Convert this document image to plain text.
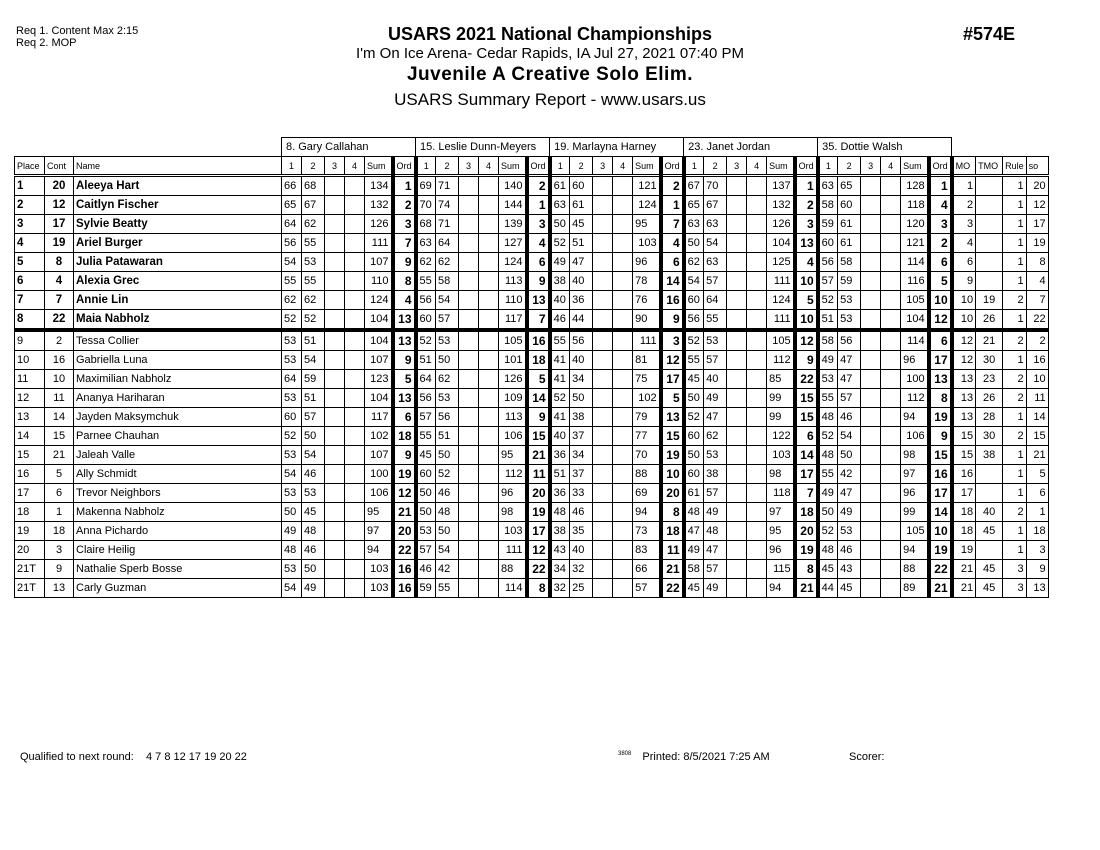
Req 1. Content Max 2:15
Req 2. MOP	USARS 2021 National Championships
I'm On Ice Arena- Cedar Rapids, IA Jul 27, 2021 07:40 PM
Juvenile A Creative Solo Elim.
USARS Summary Report - www.usars.us
#574E
			8. Gary Callahan						15. Leslie Dunn-Meyers						19. Marlayna Harney						23. Janet Jordan						35. Dottie Walsh									
Place	Cont	Name	1	2	3	4	Sum	Ord	1	2	3	4	Sum	Ord	1	2	3	4	Sum	Ord	1	2	3	4	Sum	Ord	1	2	3	4	Sum	Ord	MO	TMO	Rule	so
1	20	Aleeya Hart	66	68			134	1	69	71			140	2	61	60			121	2	67	70			137	1	63	65			128	1	1		1	20
2	12	Caitlyn Fischer	65	67			132	2	70	74			144	1	63	61			124	1	65	67			132	2	58	60			118	4	2		1	12
3	17	Sylvie Beatty	64	62			126	3	68	71			139	3	50	45			95	7	63	63			126	3	59	61			120	3	3		1	17
4	19	Ariel Burger	56	55			111	7	63	64			127	4	52	51			103	4	50	54			104	13	60	61			121	2	4		1	19
5	8	Julia Patawaran	54	53			107	9	62	62			124	6	49	47			96	6	62	63			125	4	56	58			114	6	6		1	8
6	4	Alexia Grec	55	55			110	8	55	58			113	9	38	40			78	14	54	57			111	10	57	59			116	5	9		1	4
7	7	Annie Lin	62	62			124	4	56	54			110	13	40	36			76	16	60	64			124	5	52	53			105	10	10	19	2	7
8	22	Maia Nabholz	52	52			104	13	60	57			117	7	46	44			90	9	56	55			111	10	51	53			104	12	10	26	1	22
9	2	Tessa Collier	53	51			104	13	52	53			105	16	55	56			111	3	52	53			105	12	58	56			114	6	12	21	2	2
10	16	Gabriella Luna	53	54			107	9	51	50			101	18	41	40			81	12	55	57			112	9	49	47			96	17	12	30	1	16
11	10	Maximilian Nabholz	64	59			123	5	64	62			126	5	41	34			75	17	45	40			85	22	53	47			100	13	13	23	2	10
12	11	Ananya Hariharan	53	51			104	13	56	53			109	14	52	50			102	5	50	49			99	15	55	57			112	8	13	26	2	11
13	14	Jayden Maksymchuk	60	57			117	6	57	56			113	9	41	38			79	13	52	47			99	15	48	46			94	19	13	28	1	14
14	15	Parnee Chauhan	52	50			102	18	55	51			106	15	40	37			77	15	60	62			122	6	52	54			106	9	15	30	2	15
15	21	Jaleah Valle	53	54			107	9	45	50			95	21	36	34			70	19	50	53			103	14	48	50			98	15	15	38	1	21
16	5	Ally Schmidt	54	46			100	19	60	52			112	11	51	37			88	10	60	38			98	17	55	42			97	16	16		1	5
17	6	Trevor Neighbors	53	53			106	12	50	46			96	20	36	33			69	20	61	57			118	7	49	47			96	17	17		1	6
18	1	Makenna Nabholz	50	45			95	21	50	48			98	19	48	46			94	8	48	49			97	18	50	49			99	14	18	40	2	1
19	18	Anna Pichardo	49	48			97	20	53	50			103	17	38	35			73	18	47	48			95	20	52	53			105	10	18	45	1	18
20	3	Claire Heilig	48	46			94	22	57	54			111	12	43	40			83	11	49	47			96	19	48	46			94	19	19		1	3
21T	9	Nathalie Sperb Bosse	53	50			103	16	46	42			88	22	34	32			66	21	58	57			115	8	45	43			88	22	21	45	3	9
21T	13	Carly Guzman	54	49			103	16	59	55			114	8	32	25			57	22	45	49			94	21	44	45			89	21	21	45	3	13
Qualified to next round: 4 7 8 12 17 19 20 22	$^{3808}$ Printed: 8/5/2021 7:25 AM	Scorer:
